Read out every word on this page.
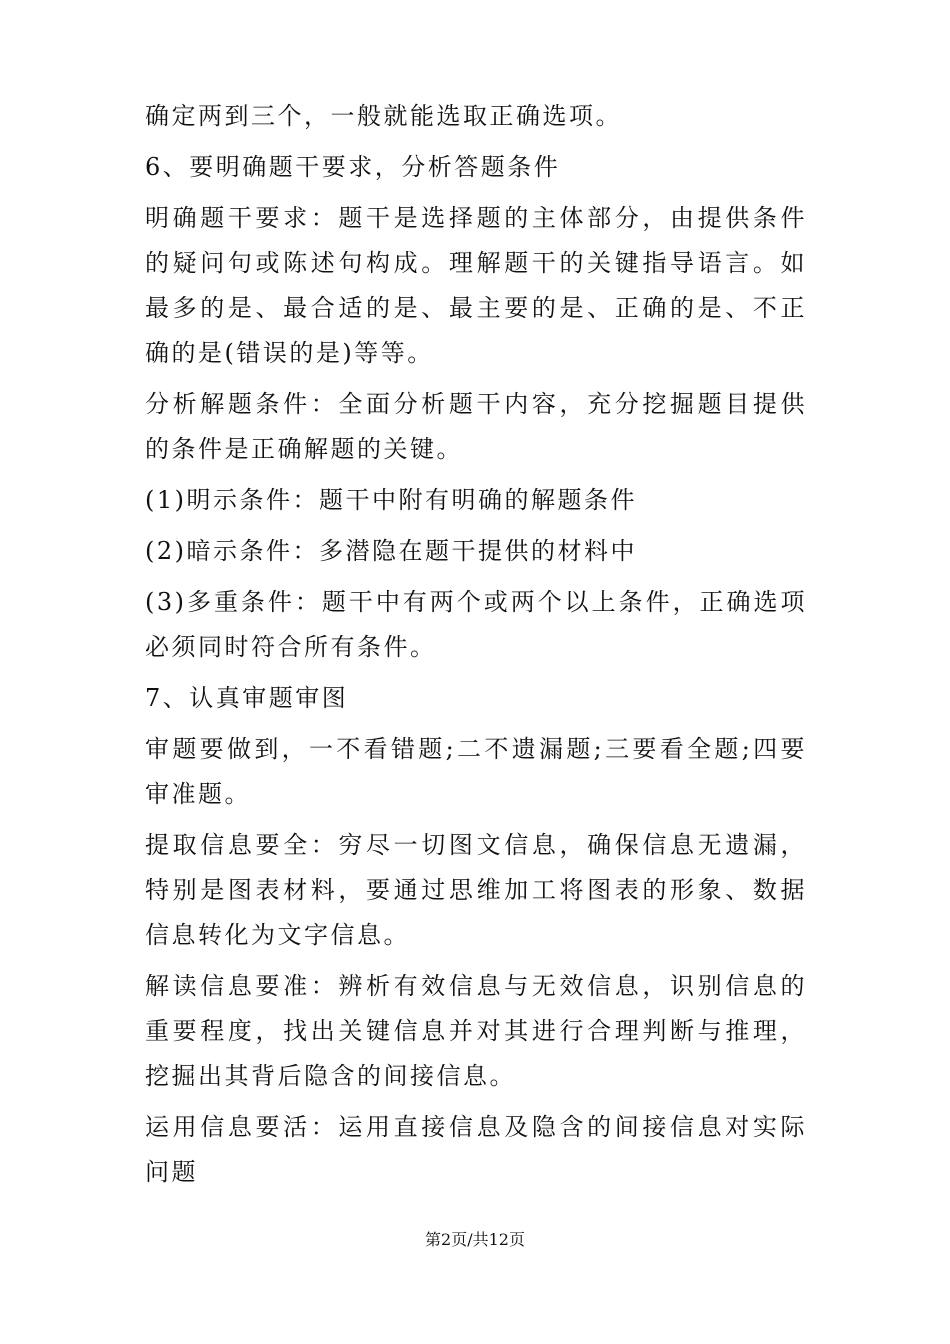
确定两到三个，一般就能选取正确选项。

6、要明确题干要求，分析答题条件

明确题干要求：题干是选择题的主体部分，由提供条件的疑问句或陈述句构成。理解题干的关键指导语言。如最多的是、最合适的是、最主要的是、正确的是、不正确的是(错误的是)等等。

分析解题条件：全面分析题干内容，充分挖掘题目提供的条件是正确解题的关键。

(1)明示条件：题干中附有明确的解题条件

(2)暗示条件：多潜隐在题干提供的材料中

(3)多重条件：题干中有两个或两个以上条件，正确选项必须同时符合所有条件。

7、认真审题审图

审题要做到，一不看错题;二不遗漏题;三要看全题;四要审准题。

提取信息要全：穷尽一切图文信息，确保信息无遗漏，特别是图表材料，要通过思维加工将图表的形象、数据信息转化为文字信息。

解读信息要准：辨析有效信息与无效信息，识别信息的重要程度，找出关键信息并对其进行合理判断与推理，挖掘出其背后隐含的间接信息。

运用信息要活：运用直接信息及隐含的间接信息对实际问题

第2页/共12页
